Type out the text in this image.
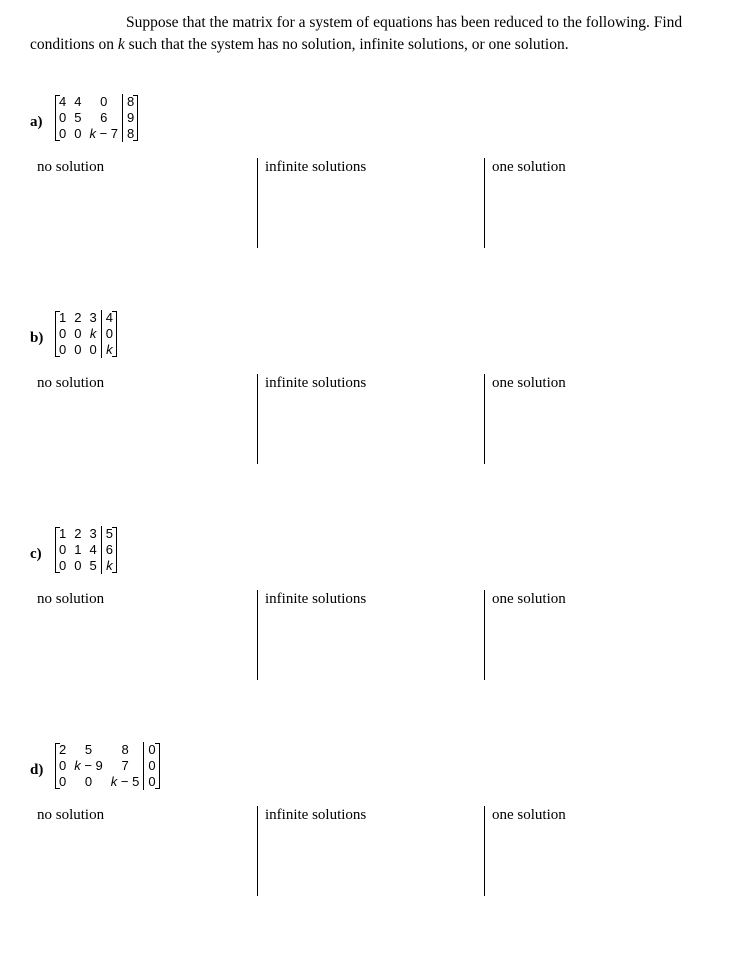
Suppose that the matrix for a system of equations has been reduced to the following. Find
conditions on k such that the system has no solution, infinite solutions, or one solution.
a)
4	4	0	8
0	5	6	9
0	0	k − 7	8
no solution	infinite solutions	one solution
b)
1	2	3	4
0	0	k	0
0	0	0	k
no solution	infinite solutions	one solution
c)
1	2	3	5
0	1	4	6
0	0	5	k
no solution	infinite solutions	one solution
d)
2	5	8	0
0	k − 9	7	0
0	0	k − 5	0
no solution	infinite solutions	one solution
